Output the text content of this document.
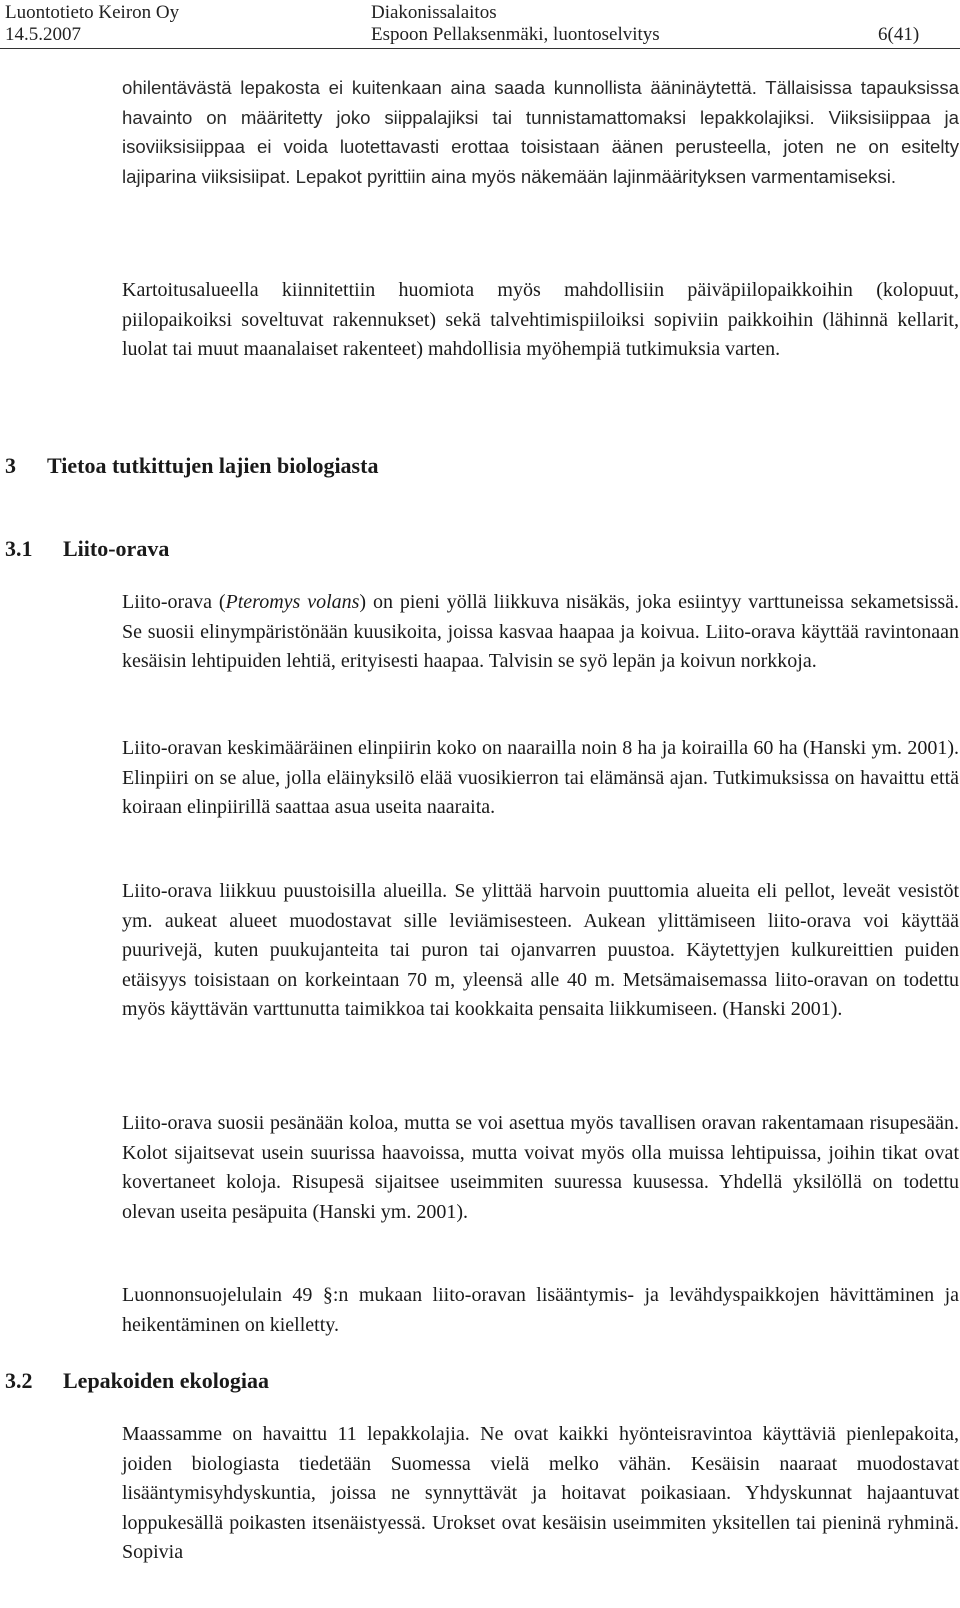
Luontotieto Keiron Oy
14.5.2007
Diakonissalaitos
Espoon Pellaksenmäki, luontoselvitys	6(41)

ohilentävästä lepakosta ei kuitenkaan aina saada kunnollista ääninäytettä. Tällaisissa tapauksissa havainto on määritetty joko siippalajiksi tai tunnistamattomaksi lepakkolajiksi. Viiksisiippaa ja isoviiksisiippaa ei voida luotettavasti erottaa toisistaan äänen perusteella, joten ne on esitelty lajiparina viiksisiipat. Lepakot pyrittiin aina myös näkemään lajinmäärityksen varmentamiseksi.

Kartoitusalueella kiinnitettiin huomiota myös mahdollisiin päiväpiilopaikkoihin (kolopuut, piilopaikoiksi soveltuvat rakennukset) sekä talvehtimispiiloiksi sopiviin paikkoihin (lähinnä kellarit, luolat tai muut maanalaiset rakenteet) mahdollisia myöhempiä tutkimuksia varten.

3 Tietoa tutkittujen lajien biologiasta
3.1 Liito-orava

Liito-orava (Pteromys volans) on pieni yöllä liikkuva nisäkäs, joka esiintyy varttuneissa sekametsissä. Se suosii elinympäristönään kuusikoita, joissa kasvaa haapaa ja koivua. Liito-orava käyttää ravintonaan kesäisin lehtipuiden lehtiä, erityisesti haapaa. Talvisin se syö lepän ja koivun norkkoja.

Liito-oravan keskimääräinen elinpiirin koko on naarailla noin 8 ha ja koirailla 60 ha (Hanski ym. 2001). Elinpiiri on se alue, jolla eläinyksilö elää vuosikierron tai elämänsä ajan. Tutkimuksissa on havaittu että koiraan elinpiirillä saattaa asua useita naaraita.

Liito-orava liikkuu puustoisilla alueilla. Se ylittää harvoin puuttomia alueita eli pellot, leveät vesistöt ym. aukeat alueet muodostavat sille leviämisesteen. Aukean ylittämiseen liito-orava voi käyttää puurivejä, kuten puukujanteita tai puron tai ojanvarren puustoa. Käytettyjen kulkureittien puiden etäisyys toisistaan on korkeintaan 70 m, yleensä alle 40 m. Metsämaisemassa liito-oravan on todettu myös käyttävän varttunutta taimikkoa tai kookkaita pensaita liikkumiseen. (Hanski 2001).

Liito-orava suosii pesänään koloa, mutta se voi asettua myös tavallisen oravan rakentamaan risupesään. Kolot sijaitsevat usein suurissa haavoissa, mutta voivat myös olla muissa lehtipuissa, joihin tikat ovat kovertaneet koloja. Risupesä sijaitsee useimmiten suuressa kuusessa. Yhdellä yksilöllä on todettu olevan useita pesäpuita (Hanski ym. 2001).

Luonnonsuojelulain 49 §:n mukaan liito-oravan lisääntymis- ja levähdyspaikkojen hävittäminen ja heikentäminen on kielletty.

3.2 Lepakoiden ekologiaa

Maassamme on havaittu 11 lepakkolajia. Ne ovat kaikki hyönteisravintoa käyttäviä pienlepakoita, joiden biologiasta tiedetään Suomessa vielä melko vähän. Kesäisin naaraat muodostavat lisääntymisyhdyskuntia, joissa ne synnyttävät ja hoitavat poikasiaan. Yhdyskunnat hajaantuvat loppukesällä poikasten itsenäistyessä. Urokset ovat kesäisin useimmiten yksitellen tai pieninä ryhminä. Sopivia
